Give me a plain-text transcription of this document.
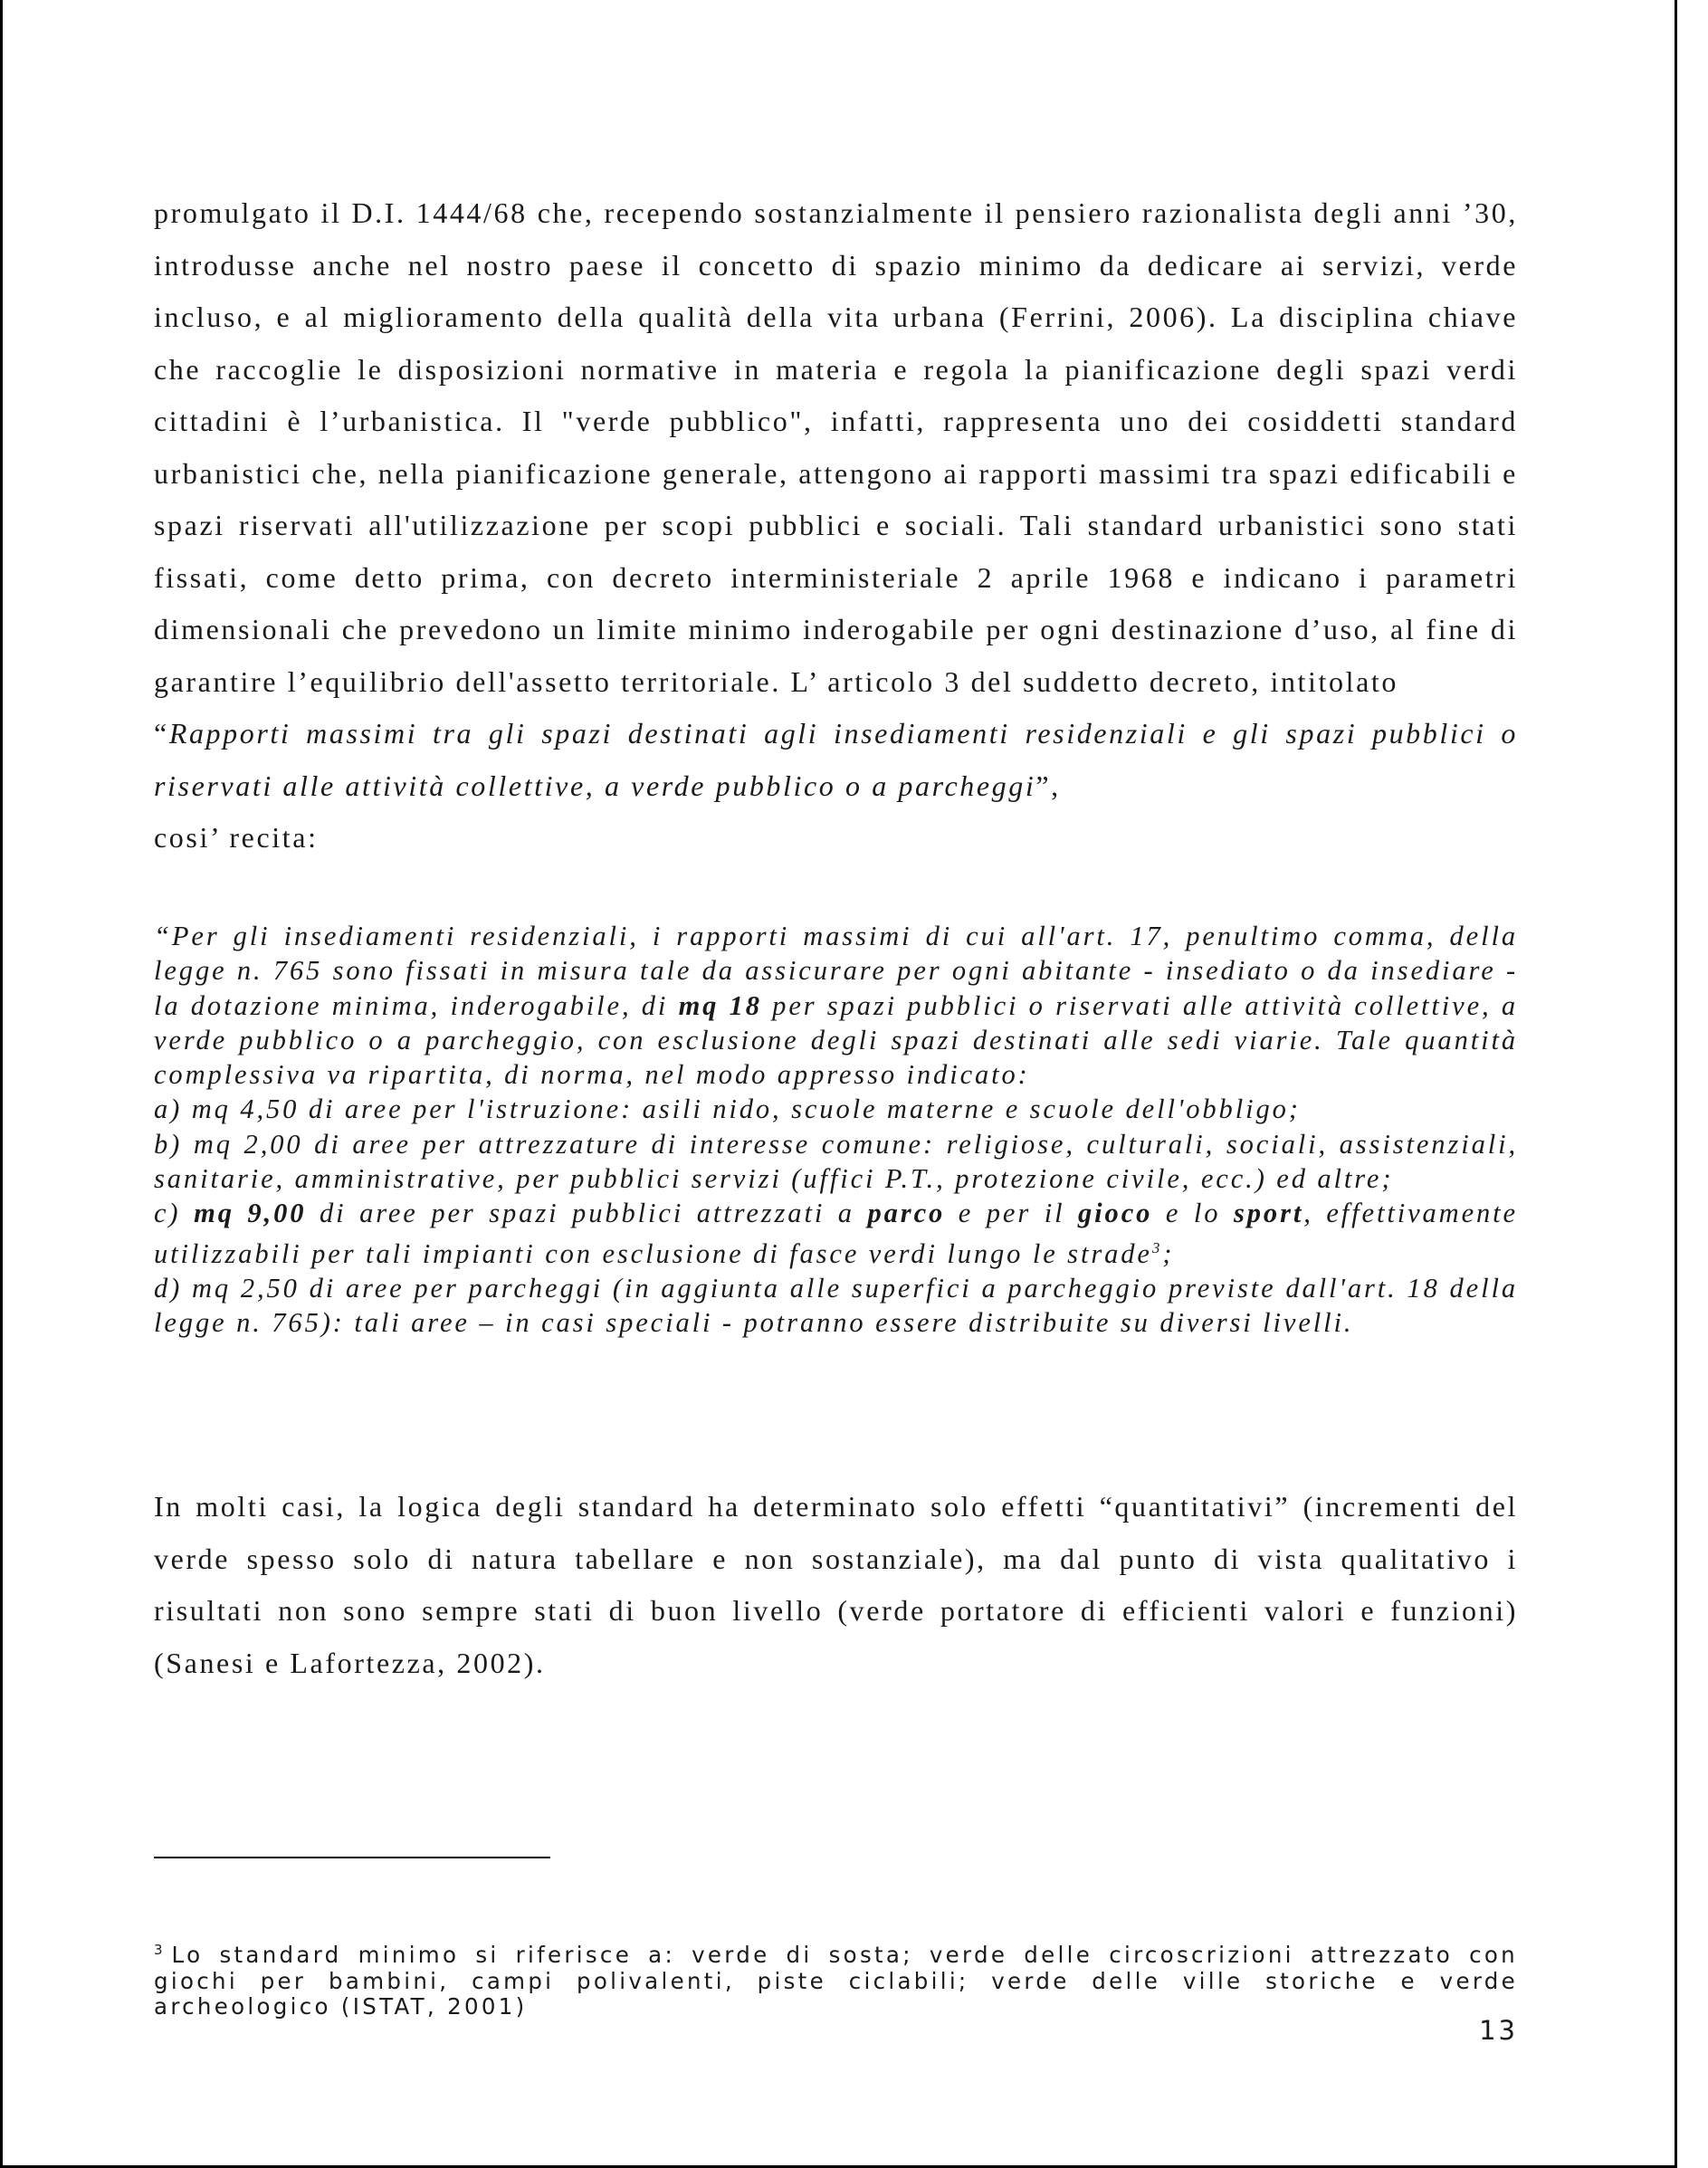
promulgato il D.I. 1444/68 che, recependo sostanzialmente il pensiero razionalista degli anni ’30, introdusse anche nel nostro paese il concetto di spazio minimo da dedicare ai servizi, verde incluso, e al miglioramento della qualità della vita urbana (Ferrini, 2006). La disciplina chiave che raccoglie le disposizioni normative in materia e regola la pianificazione degli spazi verdi cittadini è l’urbanistica. Il "verde pubblico", infatti, rappresenta uno dei cosiddetti standard urbanistici che, nella pianificazione generale, attengono ai rapporti massimi tra spazi edificabili e spazi riservati all'utilizzazione per scopi pubblici e sociali. Tali standard urbanistici sono stati fissati, come detto prima, con decreto interministeriale 2 aprile 1968 e indicano i parametri dimensionali che prevedono un limite minimo inderogabile per ogni destinazione d’uso, al fine di garantire l’equilibrio dell'assetto territoriale. L’ articolo 3 del suddetto decreto, intitolato

“Rapporti massimi tra gli spazi destinati agli insediamenti residenziali e gli spazi pubblici o riservati alle attività collettive, a verde pubblico o a parcheggi”,

cosi’ recita:

“Per gli insediamenti residenziali, i rapporti massimi di cui all'art. 17, penultimo comma, della legge n. 765 sono fissati in misura tale da assicurare per ogni abitante - insediato o da insediare - la dotazione minima, inderogabile, di mq 18 per spazi pubblici o riservati alle attività collettive, a verde pubblico o a parcheggio, con esclusione degli spazi destinati alle sedi viarie. Tale quantità complessiva va ripartita, di norma, nel modo appresso indicato:

a) mq 4,50 di aree per l'istruzione: asili nido, scuole materne e scuole dell'obbligo;

b) mq 2,00 di aree per attrezzature di interesse comune: religiose, culturali, sociali, assistenziali, sanitarie, amministrative, per pubblici servizi (uffici P.T., protezione civile, ecc.) ed altre;

c) mq 9,00 di aree per spazi pubblici attrezzati a parco e per il gioco e lo sport, effettivamente utilizzabili per tali impianti con esclusione di fasce verdi lungo le strade$^3$;

d) mq 2,50 di aree per parcheggi (in aggiunta alle superfici a parcheggio previste dall'art. 18 della legge n. 765): tali aree – in casi speciali - potranno essere distribuite su diversi livelli.

In molti casi, la logica degli standard ha determinato solo effetti “quantitativi” (incrementi del verde spesso solo di natura tabellare e non sostanziale), ma dal punto di vista qualitativo i risultati non sono sempre stati di buon livello (verde portatore di efficienti valori e funzioni) (Sanesi e Lafortezza, 2002).

$^3$ Lo standard minimo si riferisce a: verde di sosta; verde delle circoscrizioni attrezzato con giochi per bambini, campi polivalenti, piste ciclabili; verde delle ville storiche e verde archeologico (ISTAT, 2001)

13
